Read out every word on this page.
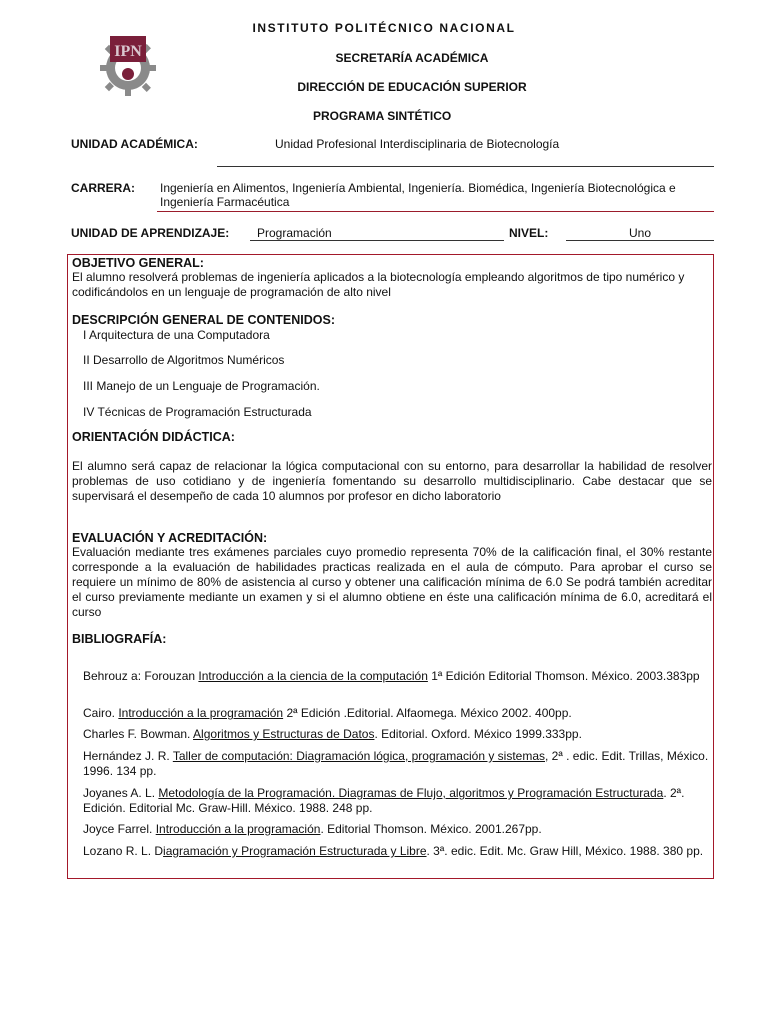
IPN
INSTITUTO POLITÉCNICO NACIONAL
SECRETARÍA ACADÉMICA
DIRECCIÓN DE EDUCACIÓN SUPERIOR
PROGRAMA SINTÉTICO
UNIDAD ACADÉMICA:	Unidad Profesional Interdisciplinaria de Biotecnología
CARRERA: Ingeniería en Alimentos, Ingeniería Ambiental, Ingeniería. Biomédica, Ingeniería Biotecnológica e
Ingeniería Farmacéutica
UNIDAD DE APRENDIZAJE: Programación	NIVEL:	Uno
OBJETIVO GENERAL:
El alumno resolverá problemas de ingeniería aplicados a la biotecnología empleando algoritmos de tipo numérico y codificándolos en un lenguaje de programación de alto nivel
DESCRIPCIÓN GENERAL DE CONTENIDOS:
I Arquitectura de una Computadora
II Desarrollo de Algoritmos Numéricos
III Manejo de un Lenguaje de Programación.
IV Técnicas de Programación Estructurada
ORIENTACIÓN DIDÁCTICA:
El alumno será capaz de relacionar la lógica computacional con su entorno, para desarrollar la habilidad de resolver problemas de uso cotidiano y de ingeniería fomentando su desarrollo multidisciplinario. Cabe destacar que se supervisará el desempeño de cada 10 alumnos por profesor en dicho laboratorio
EVALUACIÓN Y ACREDITACIÓN:
Evaluación mediante tres exámenes parciales cuyo promedio representa 70% de la calificación final, el 30% restante corresponde a la evaluación de habilidades practicas realizada en el aula de cómputo. Para aprobar el curso se requiere un mínimo de 80% de asistencia al curso y obtener una calificación mínima de 6.0 Se podrá también acreditar el curso previamente mediante un examen y si el alumno obtiene en éste una calificación mínima de 6.0, acreditará el curso
BIBLIOGRAFÍA:
Behrouz a: Forouzan Introducción a la ciencia de la computación 1ª Edición Editorial Thomson. México. 2003.383pp
Cairo. Introducción a la programación 2ª Edición .Editorial. Alfaomega. México 2002. 400pp.
Charles F. Bowman. Algoritmos y Estructuras de Datos. Editorial. Oxford. México 1999.333pp.
Hernández J. R. Taller de computación: Diagramación lógica, programación y sistemas, 2ª . edic. Edit. Trillas, México. 1996. 134 pp.
Joyanes A. L. Metodología de la Programación. Diagramas de Flujo, algoritmos y Programación Estructurada. 2ª. Edición. Editorial Mc. Graw-Hill. México. 1988. 248 pp.
Joyce Farrel. Introducción a la programación. Editorial Thomson. México. 2001.267pp.
Lozano R. L. Diagramación y Programación Estructurada y Libre. 3ª. edic. Edit. Mc. Graw Hill, México. 1988. 380 pp.
